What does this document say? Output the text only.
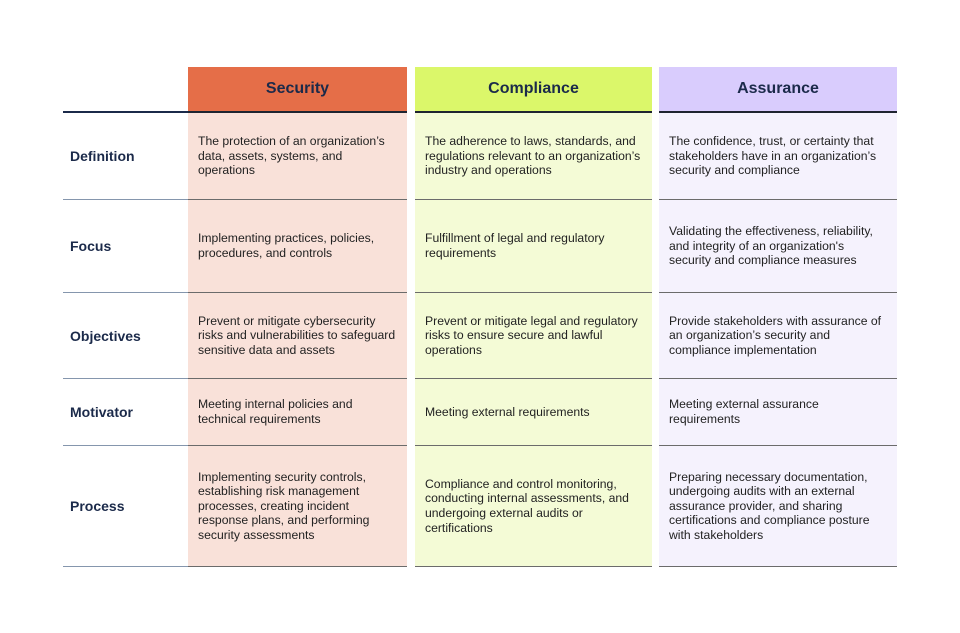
Definition
Focus
Objectives
Motivator
Process
Security
The protection of an organization’s data, assets, systems, and operations
Implementing practices, policies, procedures, and controls
Prevent or mitigate cybersecurity risks and vulnerabilities to safeguard sensitive data and assets
Meeting internal policies and technical requirements
Implementing security controls, establishing risk management processes, creating incident response plans, and performing security assessments
Compliance
The adherence to laws, standards, and regulations relevant to an organization’s industry and operations
Fulfillment of legal and regulatory requirements
Prevent or mitigate legal and regulatory risks to ensure secure and lawful operations
Meeting external requirements
Compliance and control monitoring, conducting internal assessments, and undergoing external audits or certifications
Assurance
The confidence, trust, or certainty that stakeholders have in an organization’s security and compliance
Validating the effectiveness, reliability, and integrity of an organization's security and compliance measures
Provide stakeholders with assurance of an organization’s security and compliance implementation
Meeting external assurance requirements
Preparing necessary documentation, undergoing audits with an external assurance provider, and sharing certifications and compliance posture with stakeholders
